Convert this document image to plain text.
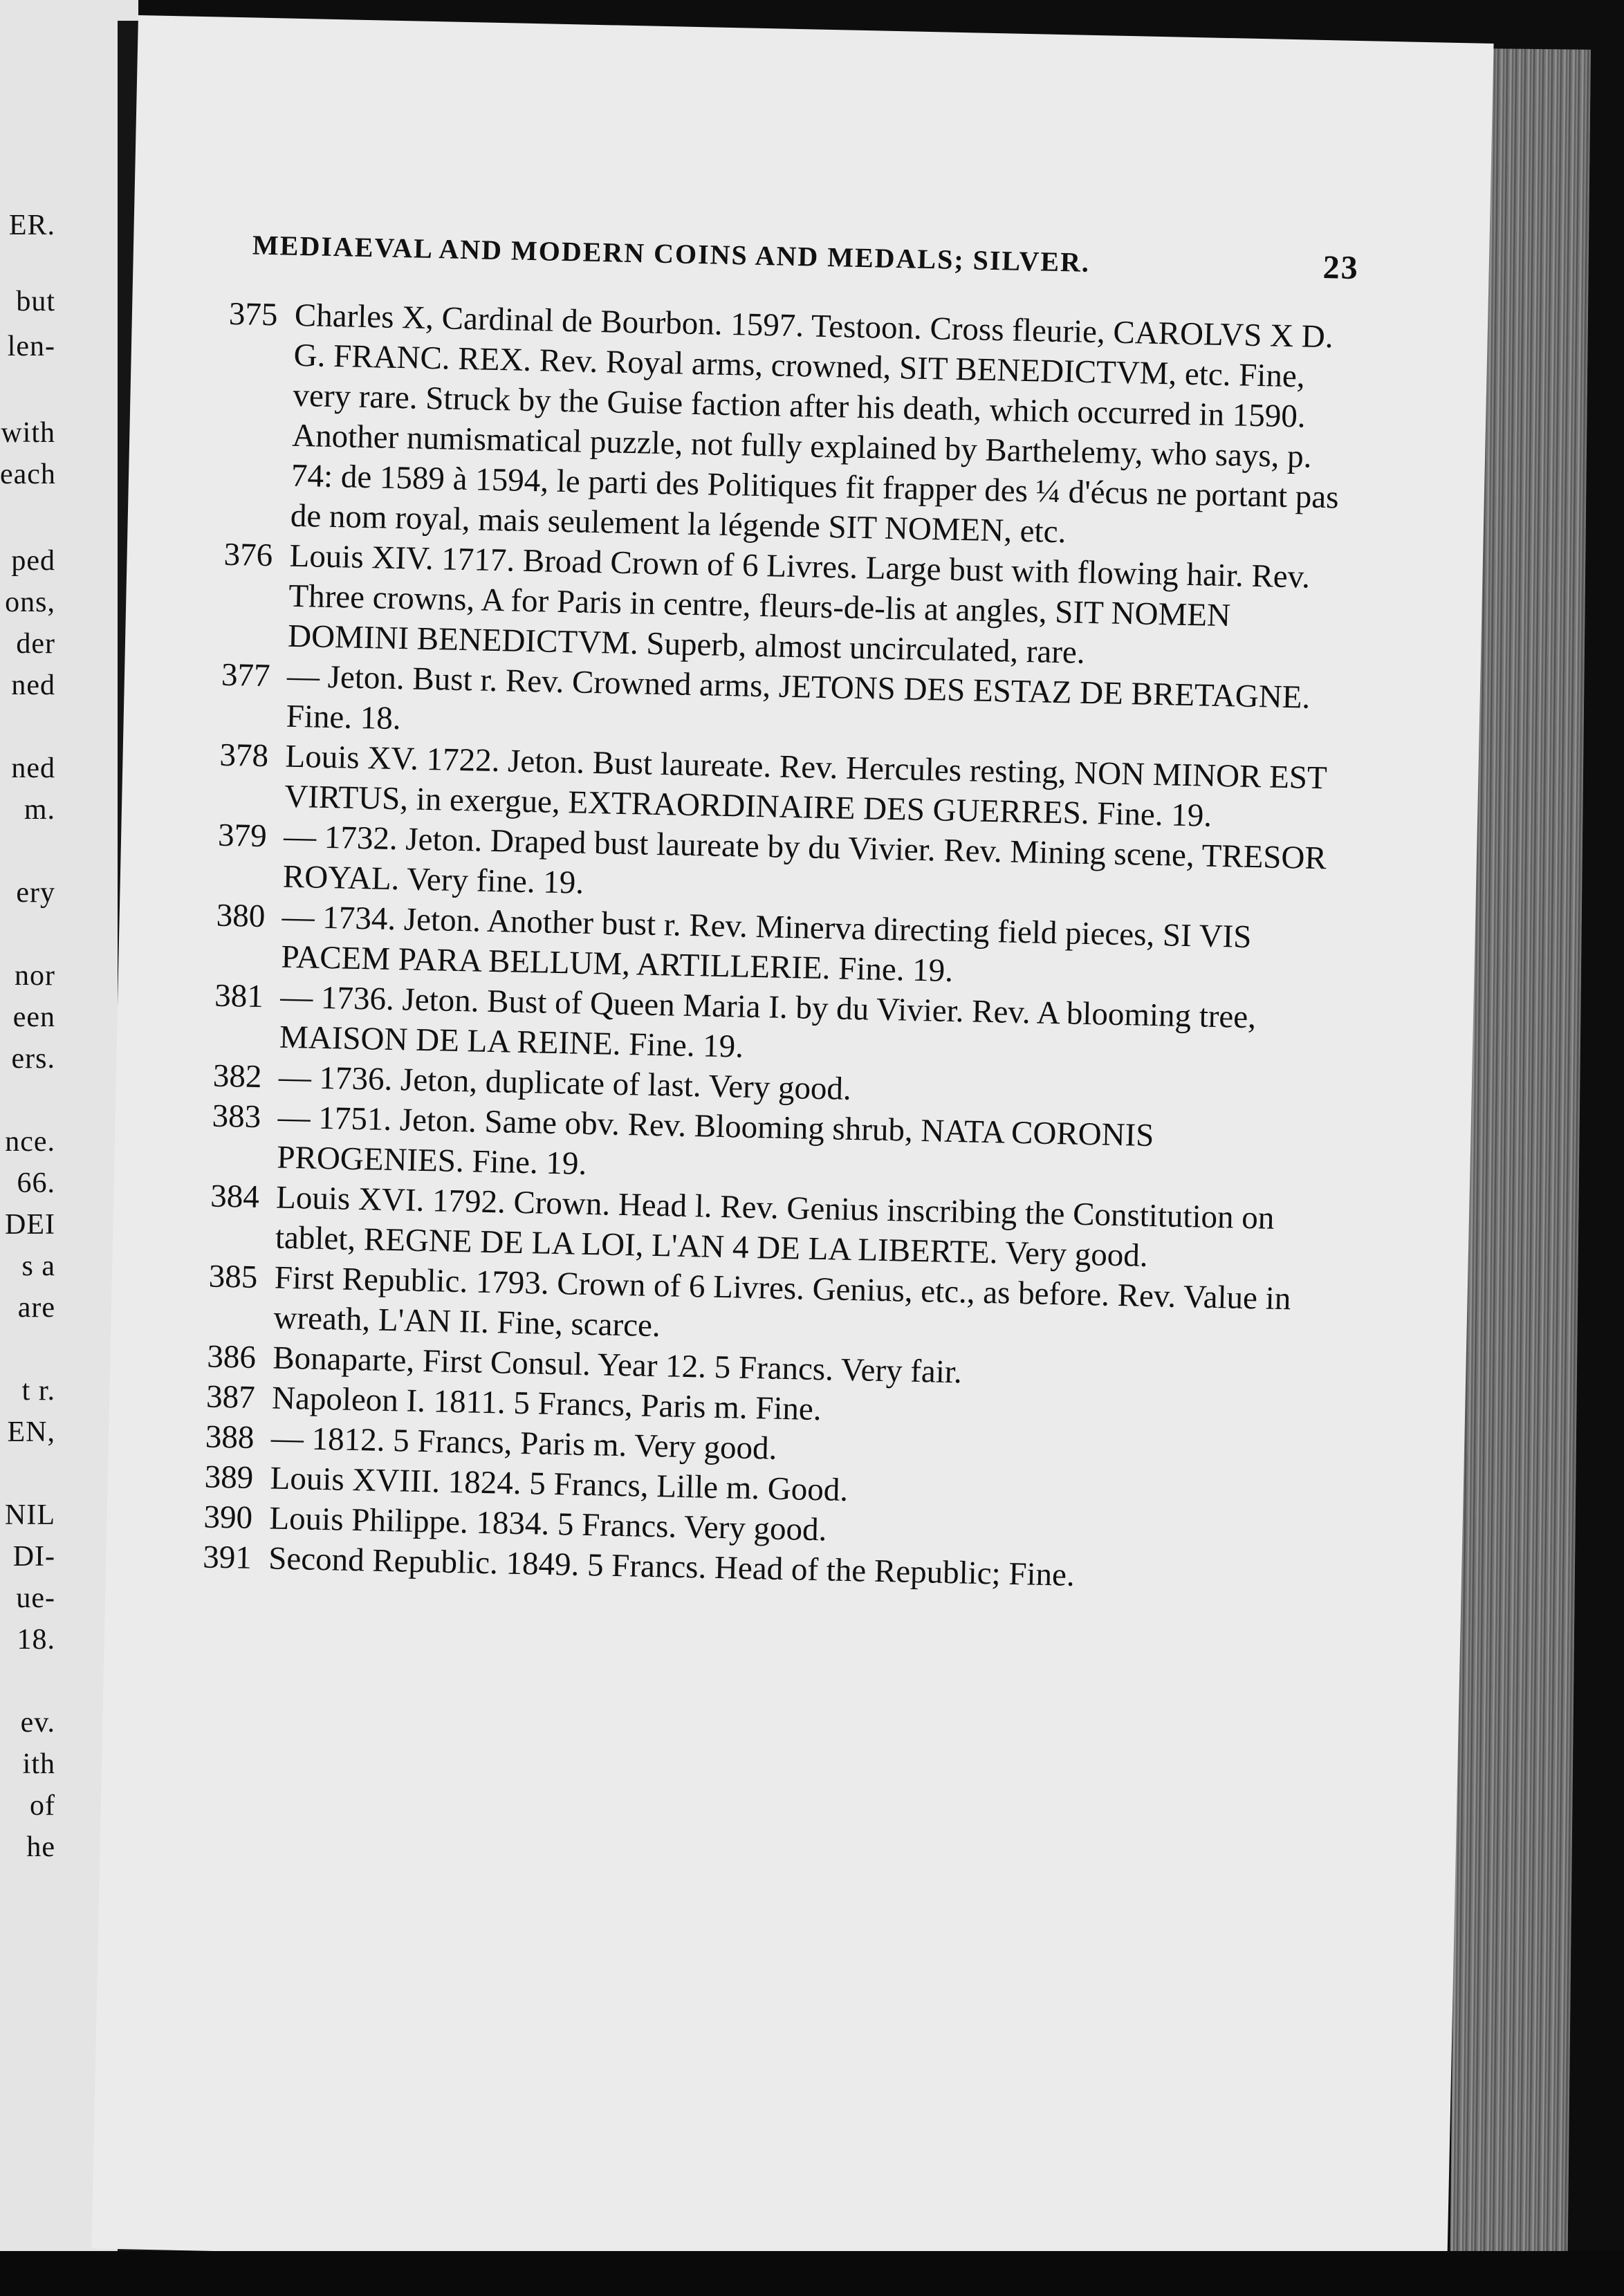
ER.
but
len-
with
each
ped
ons,
der
ned
ned
m.
ery
nor
een
ers.
nce.
66.
DEI
s a
are
t r.
EN,
NIL
DI-
ue-
18.
ev.
ith
of
he
MEDIAEVAL AND MODERN COINS AND MEDALS; SILVER.	23
375 Charles X, Cardinal de Bourbon. 1597. Testoon. Cross fleurie, CAROLVS X D. G. FRANC. REX. Rev. Royal arms, crowned, SIT BENEDICTVM, etc. Fine, very rare. Struck by the Guise faction after his death, which occurred in 1590. Another numismatical puzzle, not fully explained by Barthelemy, who says, p. 74: de 1589 à 1594, le parti des Politiques fit frapper des ¼ d'écus ne portant pas de nom royal, mais seulement la légende SIT NOMEN, etc.
376 Louis XIV. 1717. Broad Crown of 6 Livres. Large bust with flowing hair. Rev. Three crowns, A for Paris in centre, fleurs-de-lis at angles, SIT NOMEN DOMINI BENEDICTVM. Superb, almost uncirculated, rare.
377 — Jeton. Bust r. Rev. Crowned arms, JETONS DES ESTAZ DE BRETAGNE. Fine. 18.
378 Louis XV. 1722. Jeton. Bust laureate. Rev. Hercules resting, NON MINOR EST VIRTUS, in exergue, EXTRAORDINAIRE DES GUERRES. Fine. 19.
379 — 1732. Jeton. Draped bust laureate by du Vivier. Rev. Mining scene, TRESOR ROYAL. Very fine. 19.
380 — 1734. Jeton. Another bust r. Rev. Minerva directing field pieces, SI VIS PACEM PARA BELLUM, ARTILLERIE. Fine. 19.
381 — 1736. Jeton. Bust of Queen Maria I. by du Vivier. Rev. A blooming tree, MAISON DE LA REINE. Fine. 19.
382 — 1736. Jeton, duplicate of last. Very good.
383 — 1751. Jeton. Same obv. Rev. Blooming shrub, NATA CORONIS PROGENIES. Fine. 19.
384 Louis XVI. 1792. Crown. Head l. Rev. Genius inscribing the Constitution on tablet, REGNE DE LA LOI, L'AN 4 DE LA LIBERTE. Very good.
385 First Republic. 1793. Crown of 6 Livres. Genius, etc., as before. Rev. Value in wreath, L'AN II. Fine, scarce.
386 Bonaparte, First Consul. Year 12. 5 Francs. Very fair.
387 Napoleon I. 1811. 5 Francs, Paris m. Fine.
388 — 1812. 5 Francs, Paris m. Very good.
389 Louis XVIII. 1824. 5 Francs, Lille m. Good.
390 Louis Philippe. 1834. 5 Francs. Very good.
391 Second Republic. 1849. 5 Francs. Head of the Republic; Fine.
